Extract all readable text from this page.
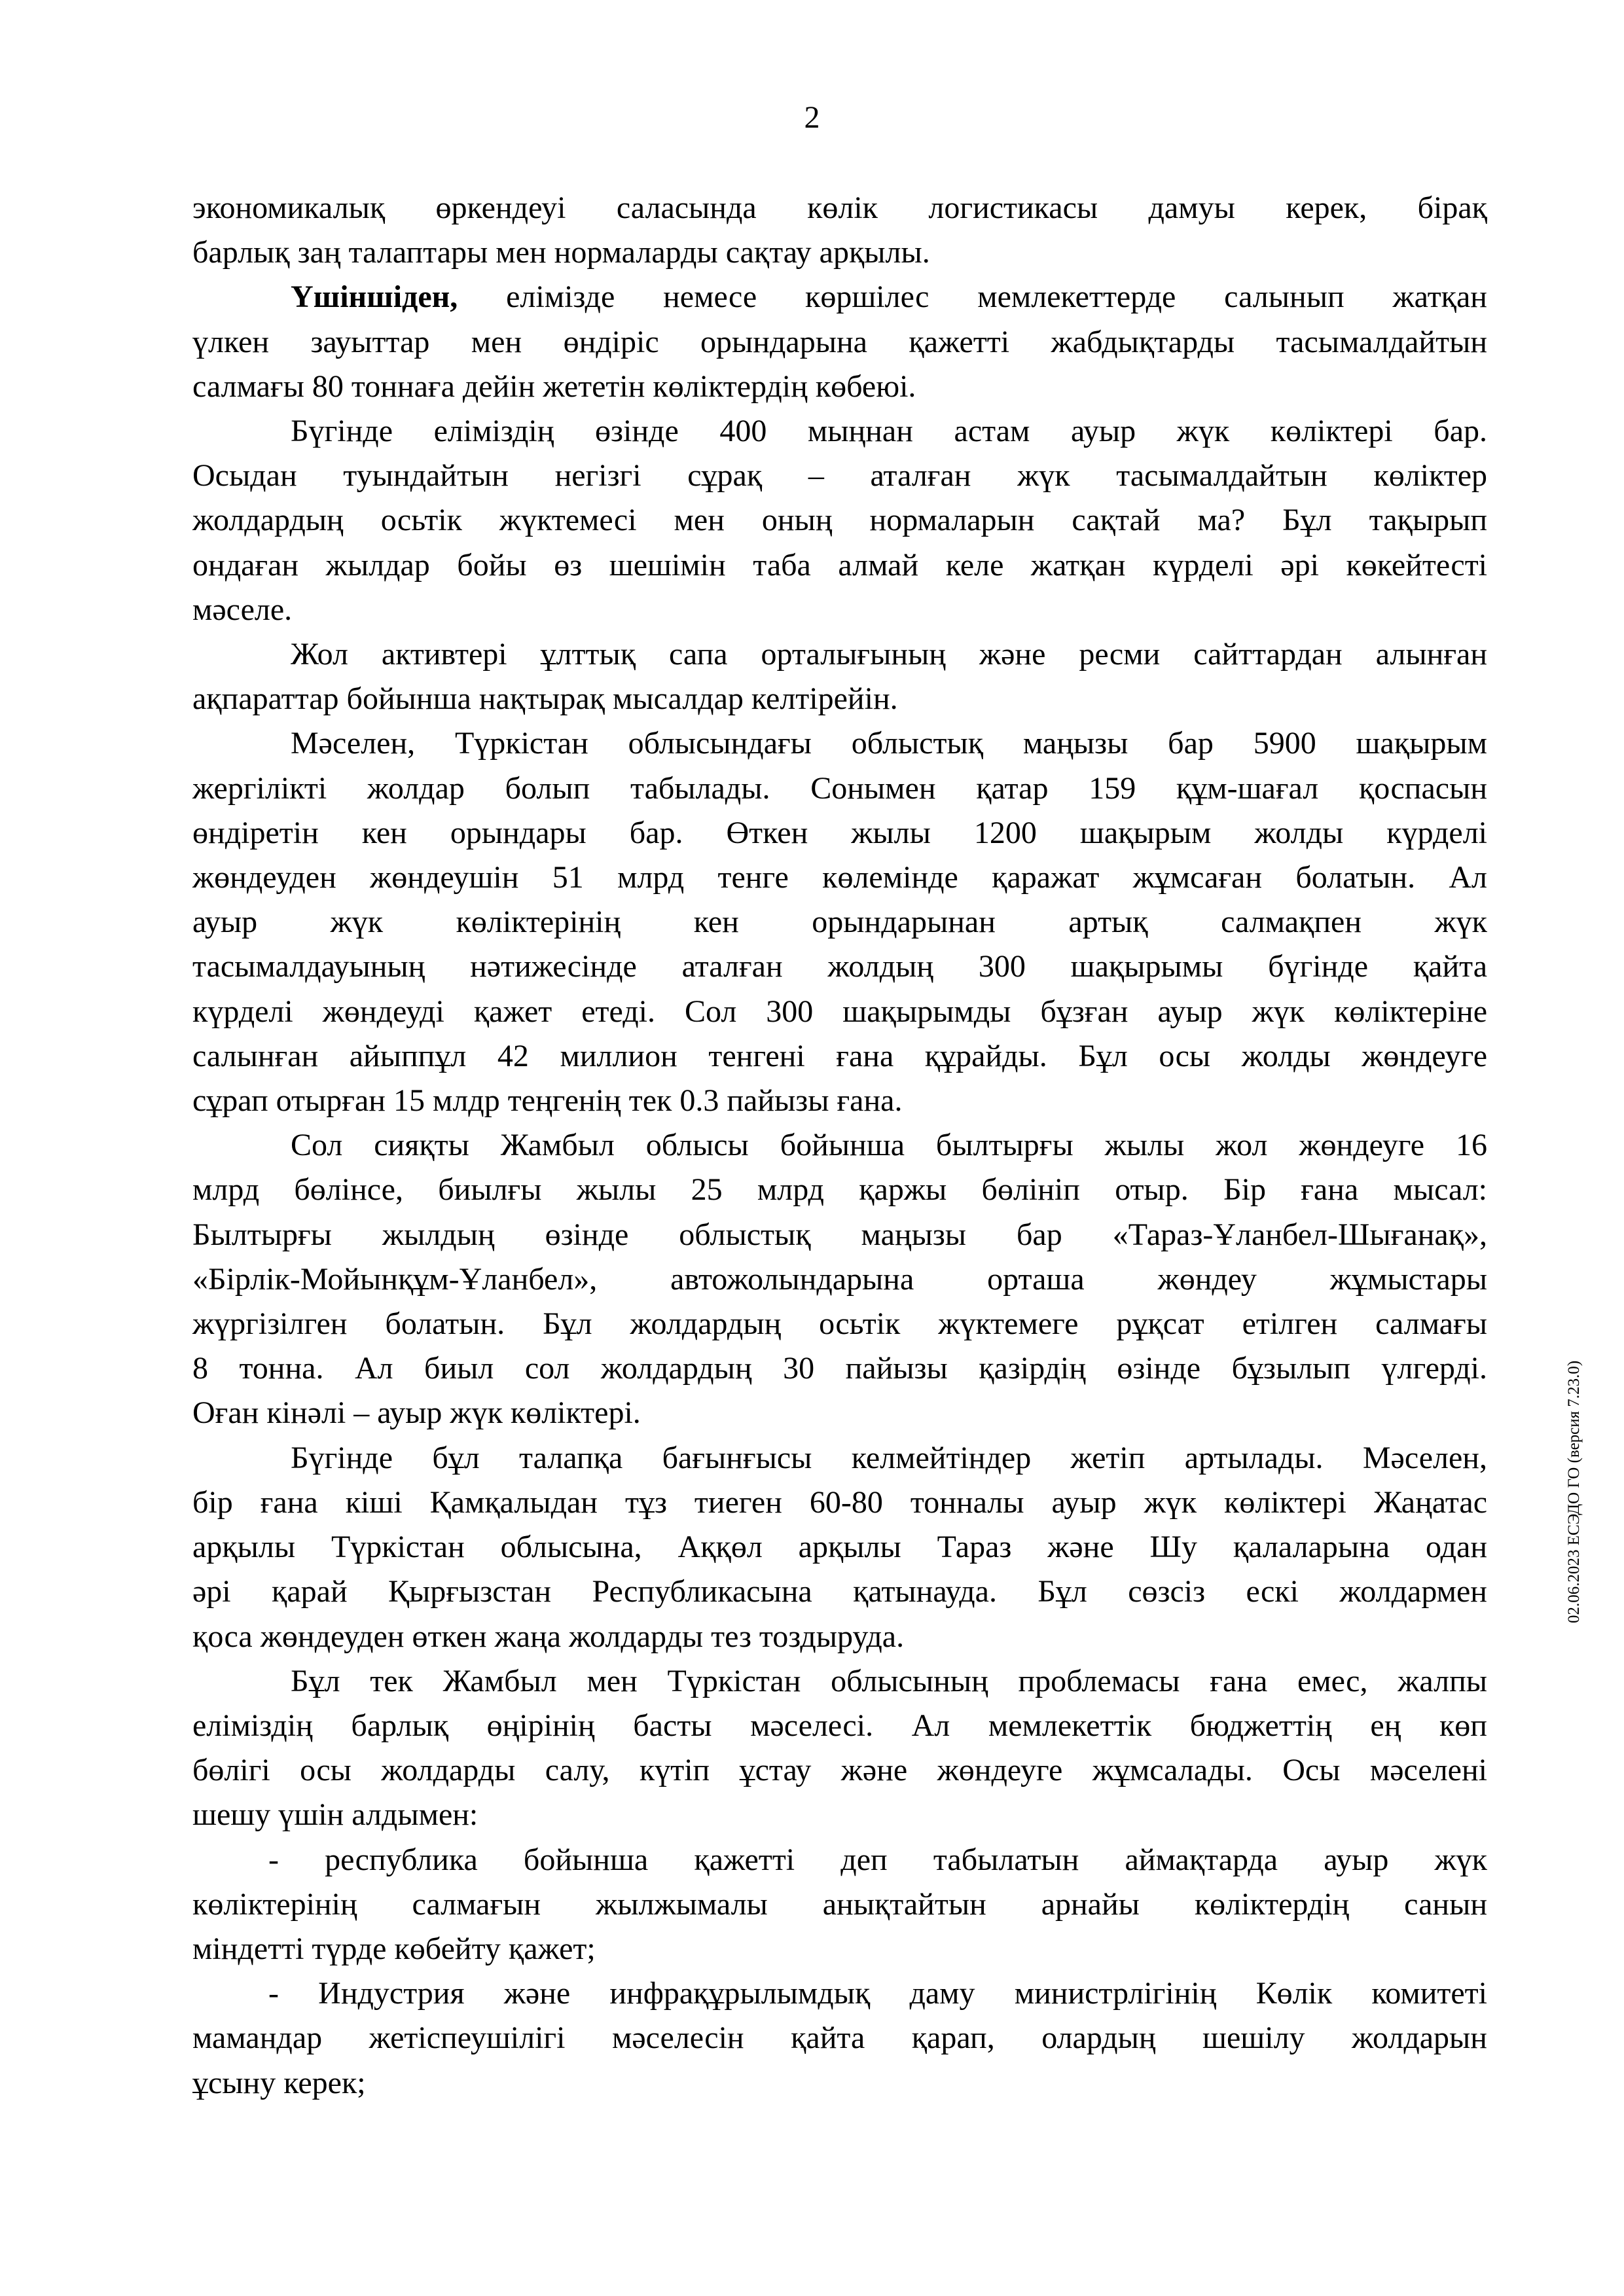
2

экономикалық өркендеуі саласында көлік логистикасы дамуы керек, бірақ

барлық заң талаптары мен нормаларды сақтау арқылы.

Үшіншіден, елімізде немесе көршілес мемлекеттерде салынып жатқан

үлкен зауыттар мен өндіріс орындарына қажетті жабдықтарды тасымалдайтын

салмағы 80 тоннаға дейін жететін көліктердің көбеюі.

Бүгінде еліміздің өзінде 400 мыңнан астам ауыр жүк көліктері бар.

Осыдан туындайтын негізгі сұрақ – аталған жүк тасымалдайтын көліктер

жолдардың осьтік жүктемесі мен оның нормаларын сақтай ма? Бұл тақырып

ондаған жылдар бойы өз шешімін таба алмай келе жатқан күрделі әрі көкейтесті

мәселе.

Жол активтері ұлттық сапа орталығының және ресми сайттардан алынған

ақпараттар бойынша нақтырақ мысалдар келтірейін.

Мәселен, Түркістан облысындағы облыстық маңызы бар 5900 шақырым

жергілікті жолдар болып табылады. Сонымен қатар 159 құм-шағал қоспасын

өндіретін кен орындары бар. Өткен жылы 1200 шақырым жолды күрделі

жөндеуден жөндеушін 51 млрд тенге көлемінде қаражат жұмсаған болатын. Ал

ауыр жүк көліктерінің кен орындарынан артық салмақпен жүк

тасымалдауының нәтижесінде аталған жолдың 300 шақырымы бүгінде қайта

күрделі жөндеуді қажет етеді. Сол 300 шақырымды бұзған ауыр жүк көліктеріне

салынған айыппұл 42 миллион тенгені ғана құрайды. Бұл осы жолды жөндеуге

сұрап отырған 15 млдр теңгенің тек 0.3 пайызы ғана.

Сол сияқты Жамбыл облысы бойынша былтырғы жылы жол жөндеуге 16

млрд бөлінсе, биылғы жылы 25 млрд қаржы бөлініп отыр. Бір ғана мысал:

Былтырғы жылдың өзінде облыстық маңызы бар «Тараз-Ұланбел-Шығанақ»,

«Бірлік-Мойынқұм-Ұланбел», автожолындарына орташа жөндеу жұмыстары

жүргізілген болатын. Бұл жолдардың осьтік жүктемеге рұқсат етілген салмағы

8 тонна. Ал биыл сол жолдардың 30 пайызы қазірдің өзінде бұзылып үлгерді.

Оған кінәлі – ауыр жүк көліктері.

Бүгінде бұл талапқа бағынғысы келмейтіндер жетіп артылады. Мәселен,

бір ғана кіші Қамқалыдан тұз тиеген 60-80 тонналы ауыр жүк көліктері Жаңатас

арқылы Түркістан облысына, Аққөл арқылы Тараз және Шу қалаларына одан

әрі қарай Қырғызстан Республикасына қатынауда. Бұл сөзсіз ескі жолдармен

қоса жөндеуден өткен жаңа жолдарды тез тоздыруда.

Бұл тек Жамбыл мен Түркістан облысының проблемасы ғана емес, жалпы

еліміздің барлық өңірінің басты мәселесі. Ал мемлекеттік бюджеттің ең көп

бөлігі осы жолдарды салу, күтіп ұстау және жөндеуге жұмсалады. Осы мәселені

шешу үшін алдымен:

- республика бойынша қажетті деп табылатын аймақтарда ауыр жүк

көліктерінің салмағын жылжымалы анықтайтын арнайы көліктердің санын

міндетті түрде көбейту қажет;

- Индустрия және инфрақұрылымдық даму министрлігінің Көлік комитеті

мамандар жетіспеушілігі мәселесін қайта қарап, олардың шешілу жолдарын

ұсыну керек;

02.06.2023 ЕСЭДО ГО (версия 7.23.0)
